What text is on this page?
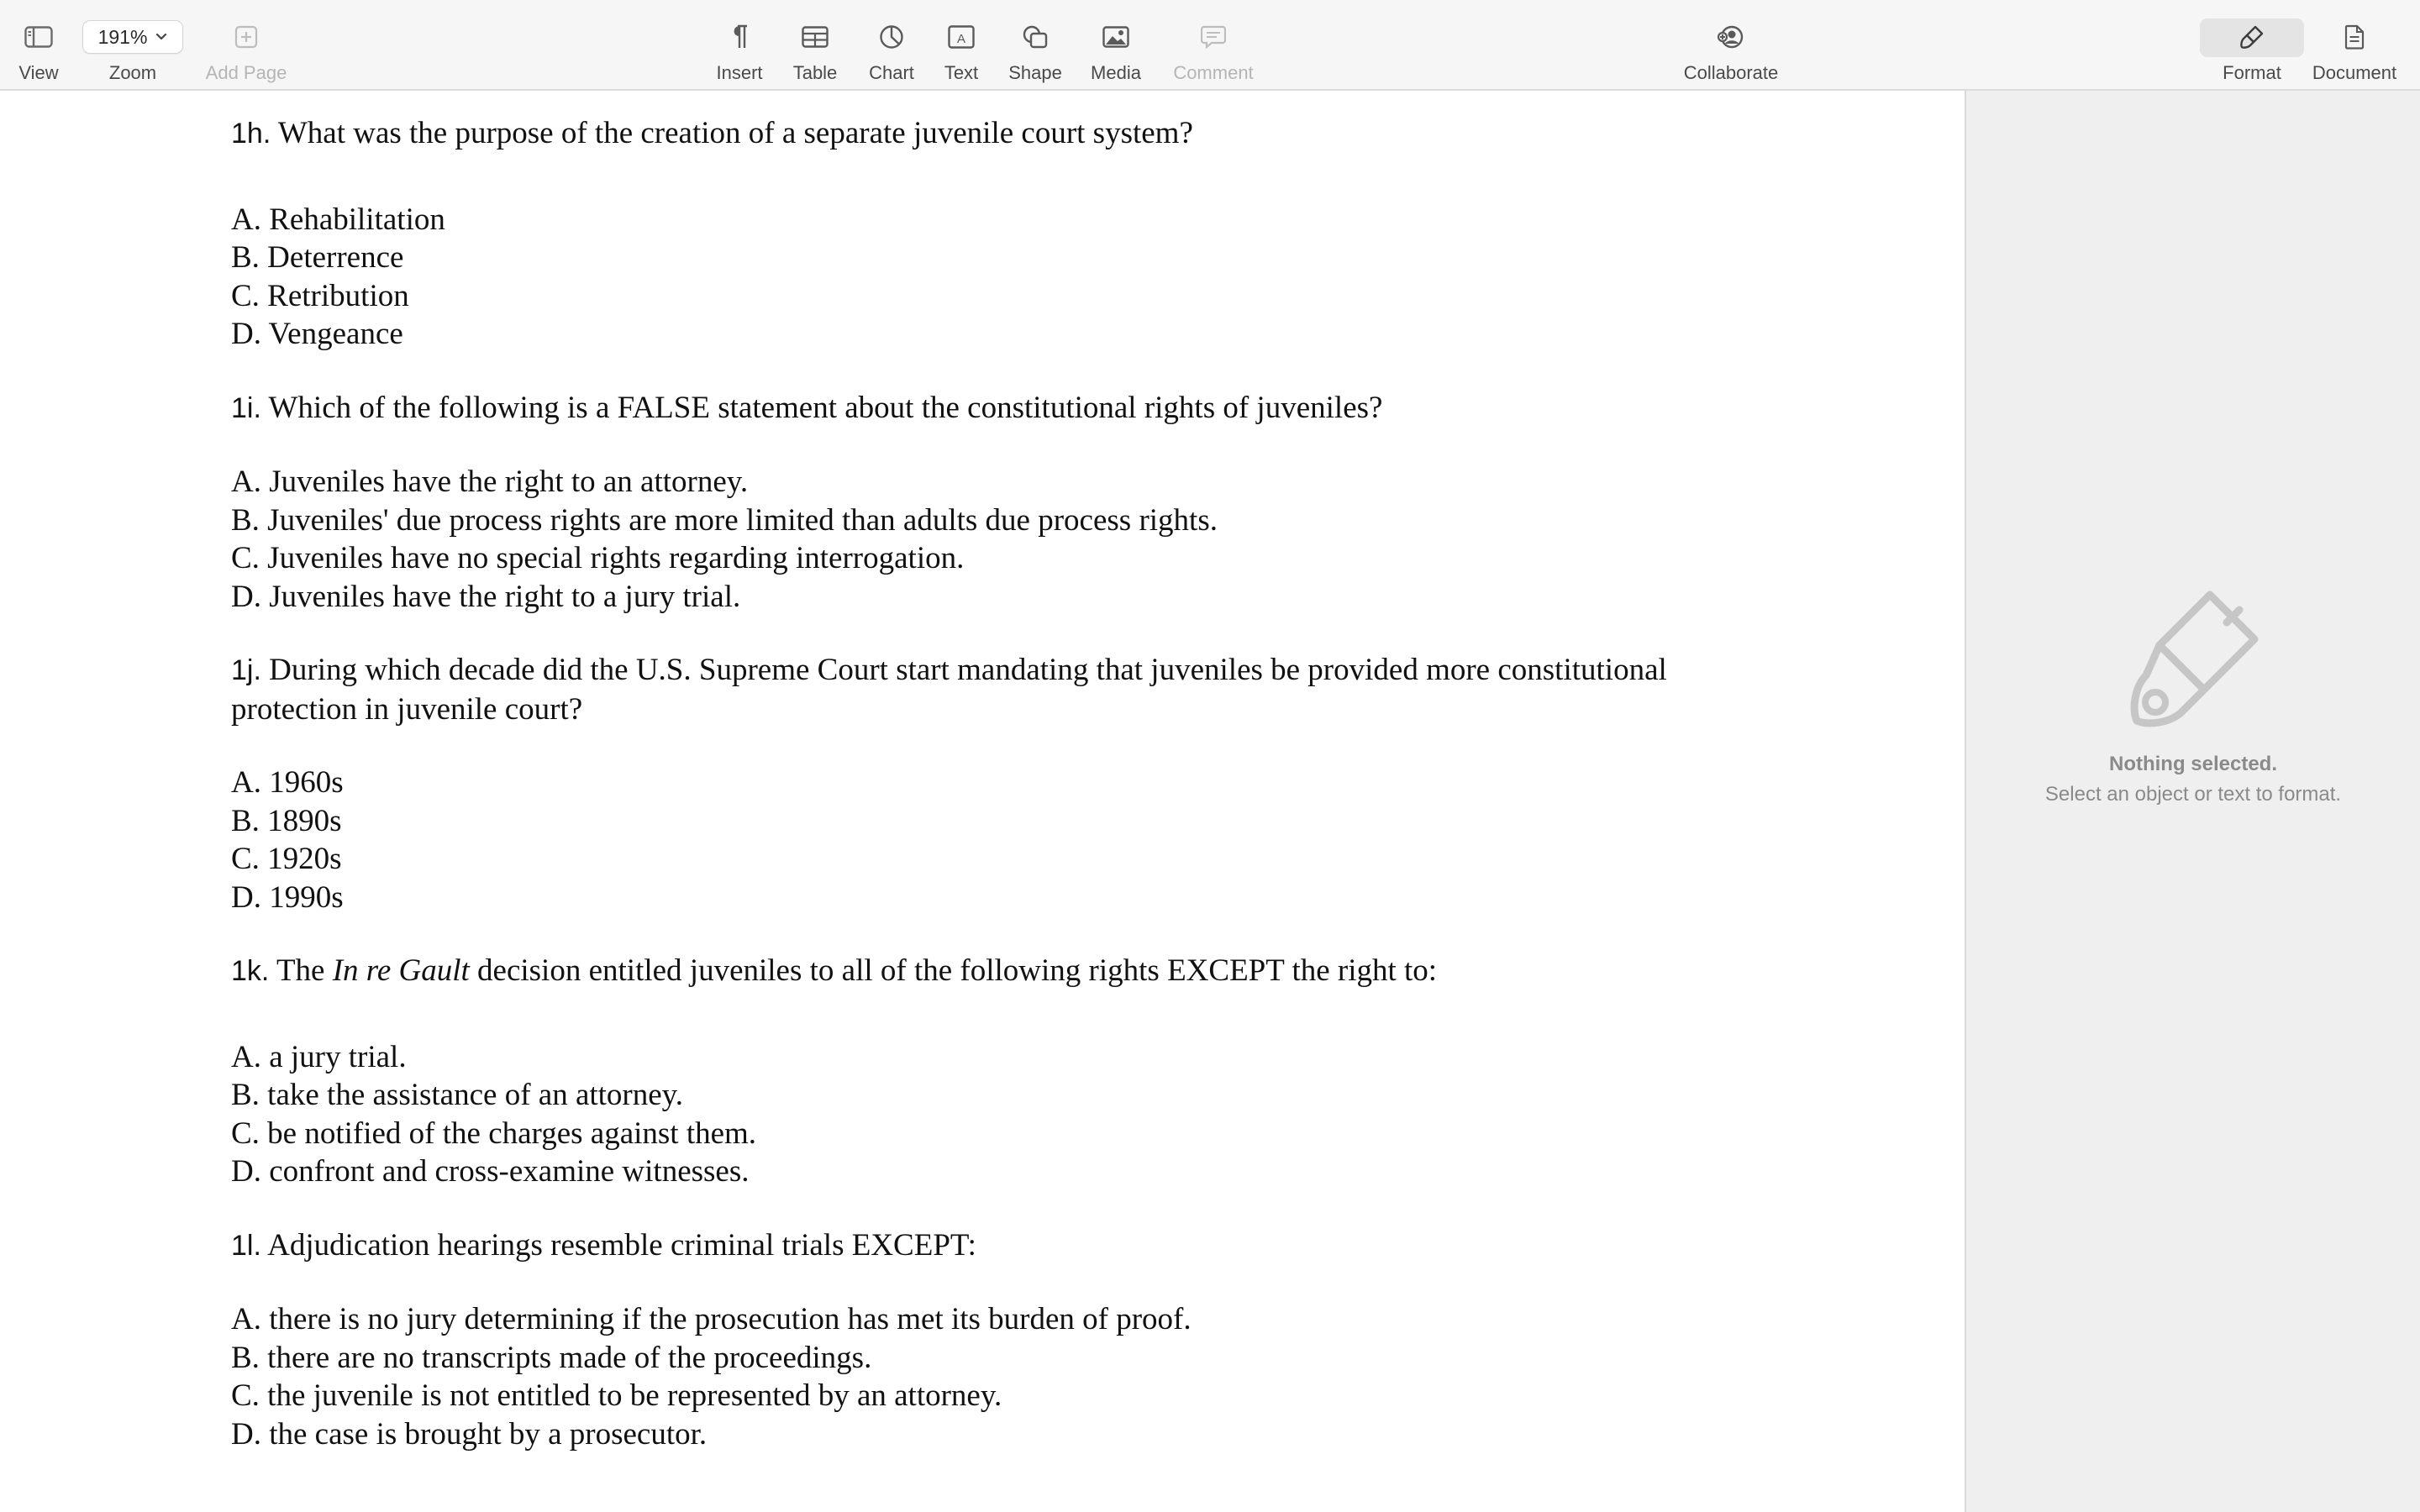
View
191%
Zoom	Add Page	Insert Table Chart
A
Text Shape Media Comment	Collaborate	Format Document

1h. What was the purpose of the creation of a separate juvenile court system?

A. Rehabilitation

B. Deterrence

C. Retribution

D. Vengeance

1i. Which of the following is a FALSE statement about the constitutional rights of juveniles?

A. Juveniles have the right to an attorney.

B. Juveniles' due process rights are more limited than adults due process rights.

C. Juveniles have no special rights regarding interrogation.

D. Juveniles have the right to a jury trial.

1j. During which decade did the U.S. Supreme Court start mandating that juveniles be provided more constitutional protection in juvenile court?

A. 1960s

B. 1890s

C. 1920s

D. 1990s

1k. The In re Gault decision entitled juveniles to all of the following rights EXCEPT the right to:

A. a jury trial.

B. take the assistance of an attorney.

C. be notified of the charges against them.

D. confront and cross-examine witnesses.

1l. Adjudication hearings resemble criminal trials EXCEPT:

A. there is no jury determining if the prosecution has met its burden of proof.

B. there are no transcripts made of the proceedings.

C. the juvenile is not entitled to be represented by an attorney.

D. the case is brought by a prosecutor.

Nothing selected.
Select an object or text to format.
